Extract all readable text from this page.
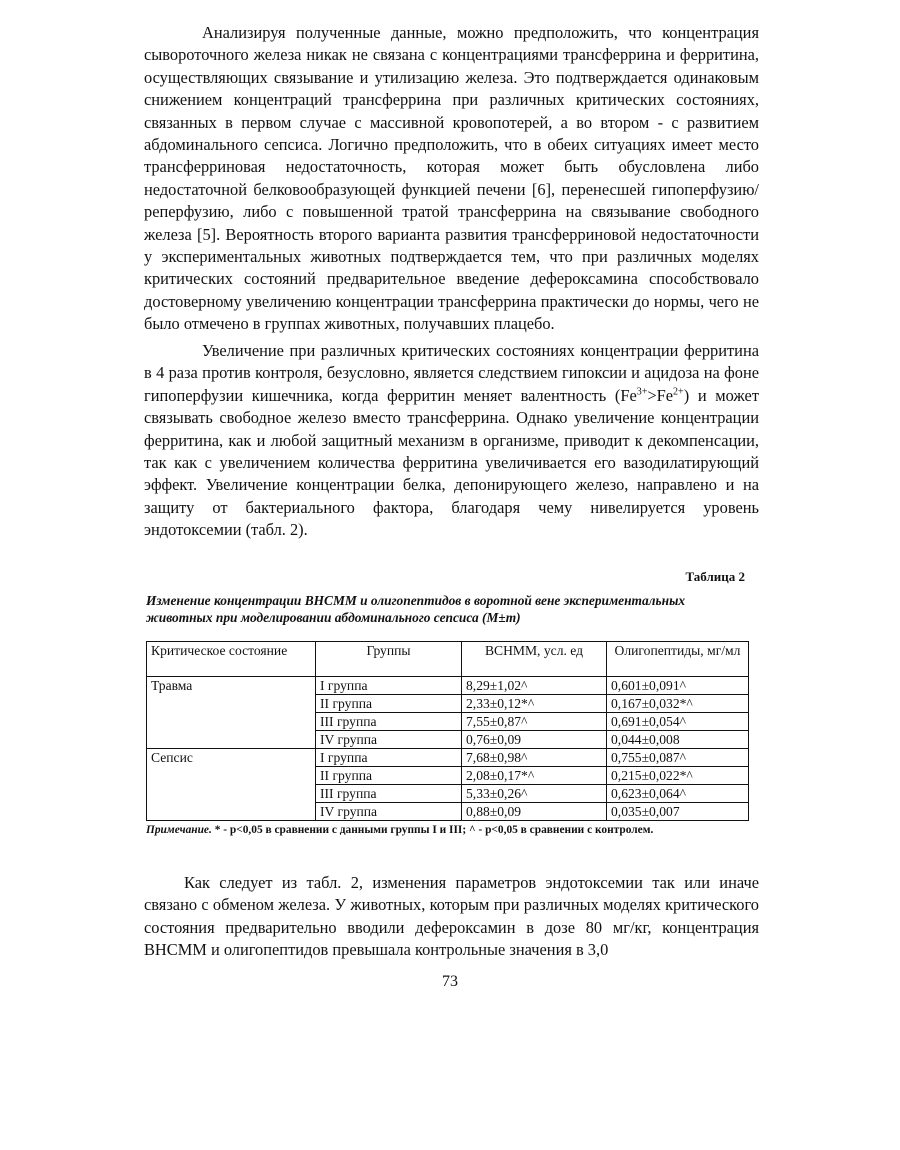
Анализируя полученные данные, можно предположить, что концентрация сывороточного железа никак не связана с концентрациями трансферрина и ферритина, осуществляющих связывание и утилизацию железа. Это подтверждается одинаковым снижением концентраций трансферрина при различных критических состояниях, связанных в первом случае с массивной кровопотерей, а во втором - с развитием абдоминального сепсиса. Логично предположить, что в обеих ситуациях имеет место трансферриновая недостаточность, которая может быть обусловлена либо недостаточной белковообразующей функцией печени [6], перенесшей гипоперфузию/реперфузию, либо с повышенной тратой трансферрина на связывание свободного железа [5]. Вероятность второго варианта развития трансферриновой недостаточности у экспериментальных животных подтверждается тем, что при различных моделях критических состояний предварительное введение дефероксамина способствовало достоверному увеличению концентрации трансферрина практически до нормы, чего не было отмечено в группах животных, получавших плацебо.

Увеличение при различных критических состояниях концентрации ферритина в 4 раза против контроля, безусловно, является следствием гипоксии и ацидоза на фоне гипоперфузии кишечника, когда ферритин меняет валентность $(Fe^{3+}>Fe^{2+})$ и может связывать свободное железо вместо трансферрина. Однако увеличение концентрации ферритина, как и любой защитный механизм в организме, приводит к декомпенсации, так как с увеличением количества ферритина увеличивается его вазодилатирующий эффект. Увеличение концентрации белка, депонирующего железо, направлено и на защиту от бактериального фактора, благодаря чему нивелируется уровень эндотоксемии (табл. 2).

Таблица 2
Изменение концентрации ВНСММ и олигопептидов в воротной вене экспериментальных животных при моделировании абдоминального сепсиса (M±m)
Критическое состояние	Группы	ВСНММ, усл. ед	Олигопептиды, мг/мл
Травма	I группа	8,29±1,02^	0,601±0,091^
	II группа	2,33±0,12*^	0,167±0,032*^
	III группа	7,55±0,87^	0,691±0,054^
	IV группа	0,76±0,09	0,044±0,008
Сепсис	I группа	7,68±0,98^	0,755±0,087^
	II группа	2,08±0,17*^	0,215±0,022*^
	III группа	5,33±0,26^	0,623±0,064^
	IV группа	0,88±0,09	0,035±0,007
Примечание. * - p<0,05 в сравнении с данными группы I и III; ^ - p<0,05 в сравнении с контролем.

Как следует из табл. 2, изменения параметров эндотоксемии так или иначе связано с обменом железа. У животных, которым при различных моделях критического состояния предварительно вводили дефероксамин в дозе 80 мг/кг, концентрация ВНСММ и олигопептидов превышала контрольные значения в 3,0

73
